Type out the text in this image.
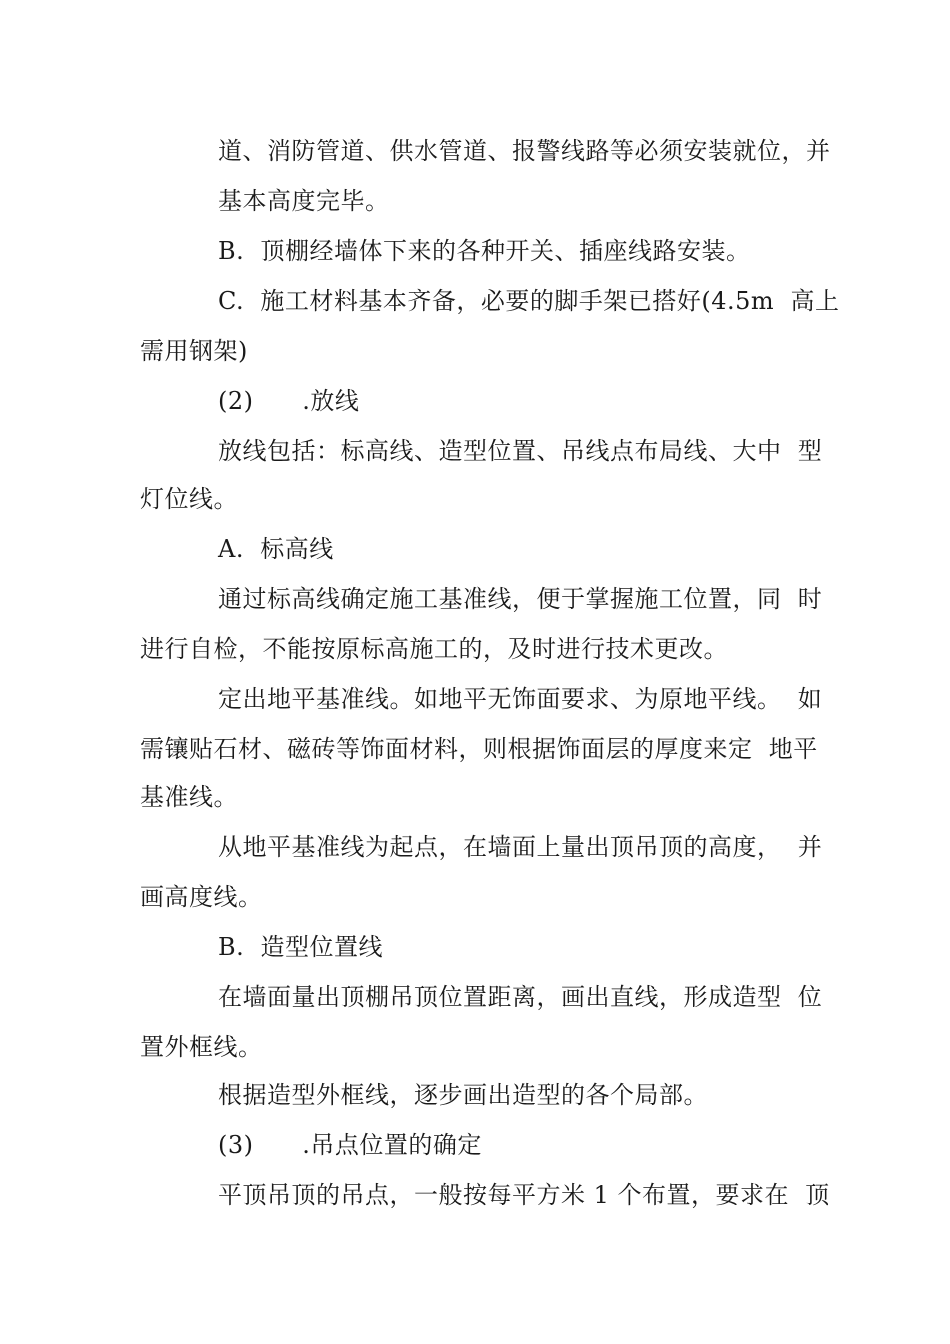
道、消防管道、供水管道、报警线路等必须安装就位，并
基本高度完毕。
B.  顶棚经墙体下来的各种开关、插座线路安装。
C.  施工材料基本齐备，必要的脚手架已搭好(4.5m  高上
需用钢架)
(2)      .放线
放线包括：标高线、造型位置、吊线点布局线、大中  型
灯位线。
A.  标高线
通过标高线确定施工基准线，便于掌握施工位置，同  时
进行自检，不能按原标高施工的，及时进行技术更改。
定出地平基准线。如地平无饰面要求、为原地平线。  如
需镶贴石材、磁砖等饰面材料，则根据饰面层的厚度来定  地平
基准线。
从地平基准线为起点，在墙面上量出顶吊顶的高度，  并
画高度线。
B.  造型位置线
在墙面量出顶棚吊顶位置距离，画出直线，形成造型  位
置外框线。
根据造型外框线，逐步画出造型的各个局部。
(3)      .吊点位置的确定
平顶吊顶的吊点，一般按每平方米 1 个布置，要求在  顶
